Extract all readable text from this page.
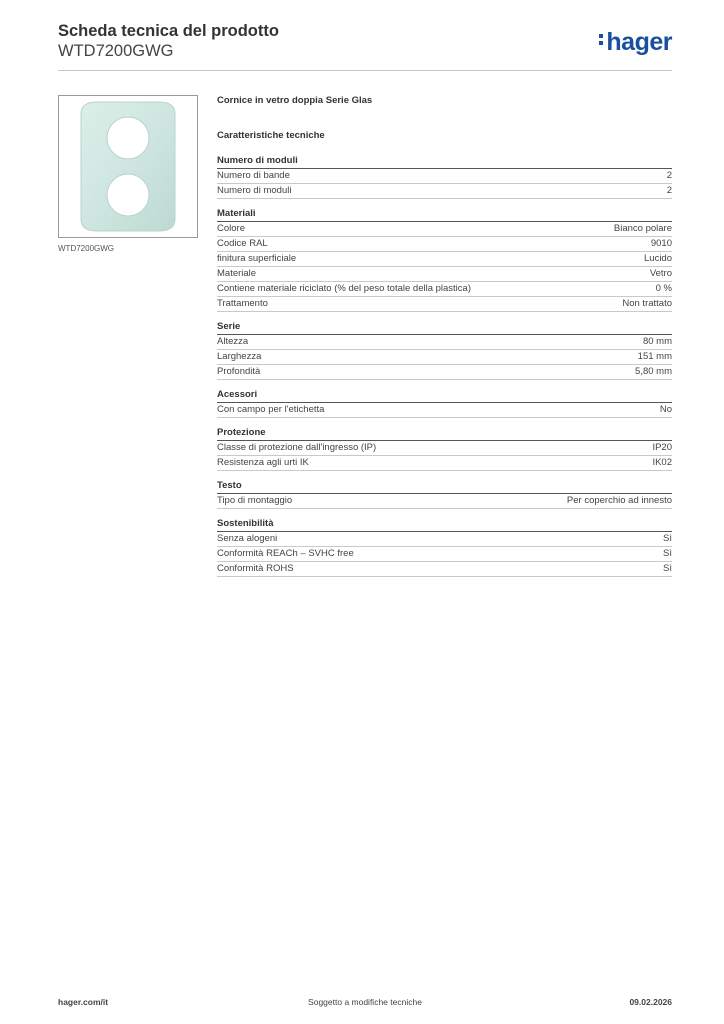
Scheda tecnica del prodotto
WTD7200GWG	hager
WTD7200GWG
Cornice in vetro doppia Serie Glas
Caratteristiche tecniche
Numero di moduli
Numero di bande	2
Numero di moduli	2
Materiali
Colore	Bianco polare
Codice RAL	9010
finitura superficiale	Lucido
Materiale	Vetro
Contiene materiale riciclato (% del peso totale della plastica)	0 %
Trattamento	Non trattato
Serie
Altezza	80 mm
Larghezza	151 mm
Profondità	5,80 mm
Acessori
Con campo per l'etichetta	No
Protezione
Classe di protezione dall'ingresso (IP)	IP20
Resistenza agli urti IK	IK02
Testo
Tipo di montaggio	Per coperchio ad innesto
Sostenibilità
Senza alogeni	Sì
Conformità REACh – SVHC free	Sì
Conformità ROHS	Sì
hager.com/it	Soggetto a modifiche tecniche	09.02.2026
